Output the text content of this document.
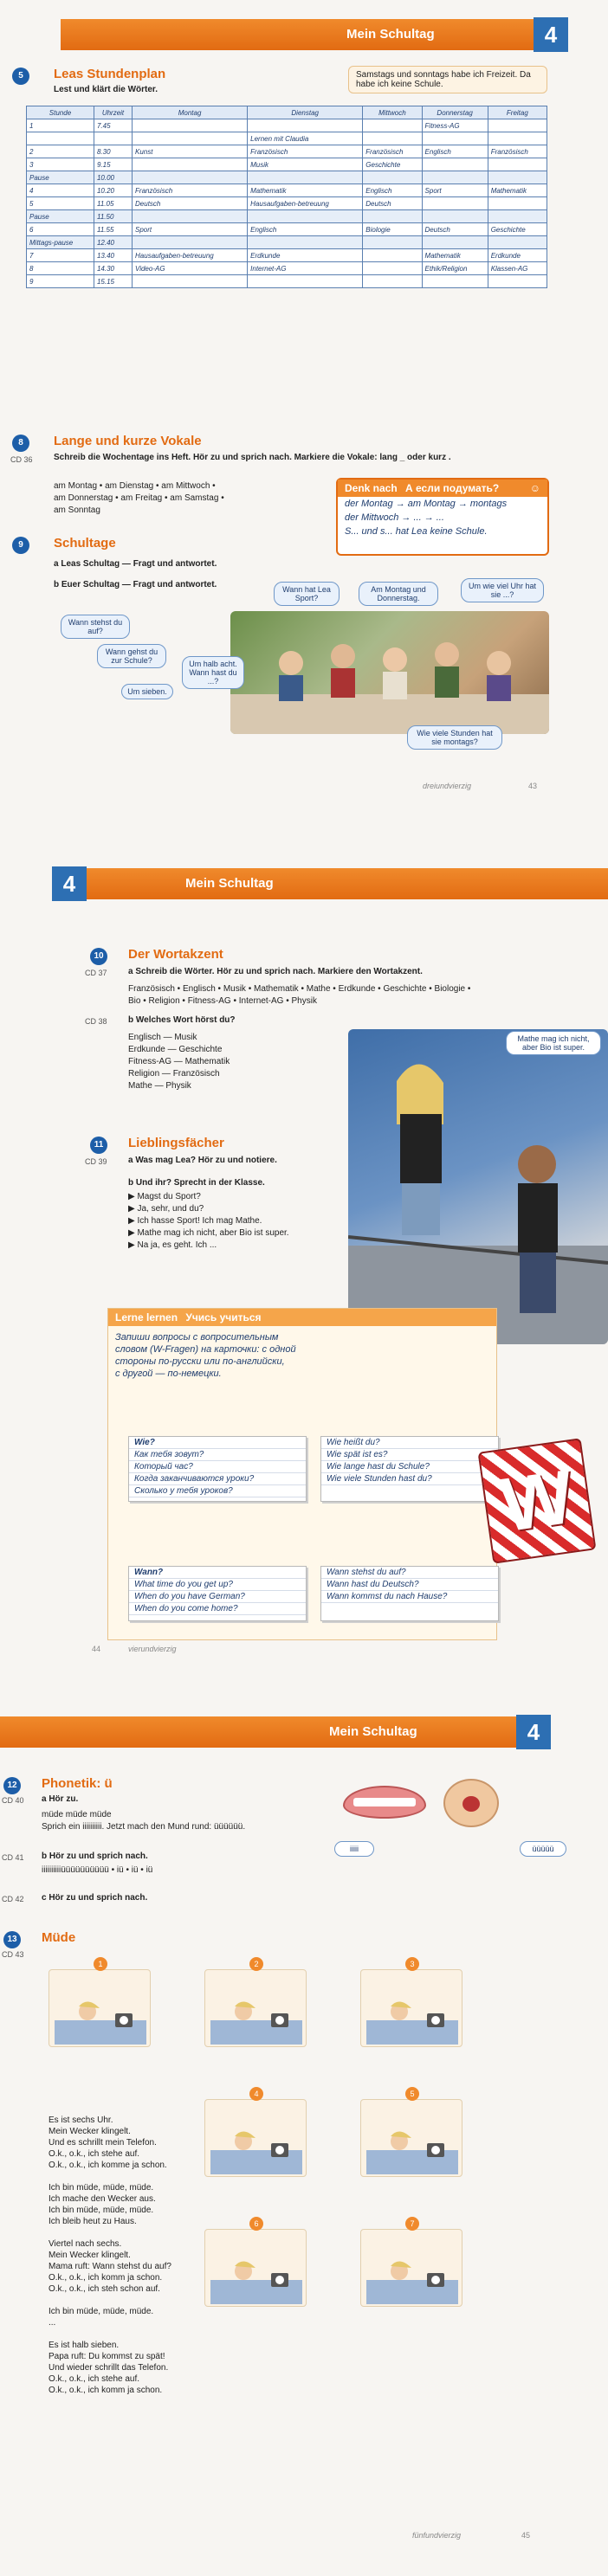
Mein Schultag	4
5	Leas Stundenplan
Lest und klärt die Wörter.
Samstags und sonntags habe ich Freizeit. Da habe ich keine Schule.
Stunde	Uhrzeit	Montag	Dienstag	Mittwoch	Donnerstag	Freitag
1	7.45				Fitness-AG	
			Lernen mit Claudia			
2	8.30	Kunst	Französisch	Französisch	Englisch	Französisch
3	9.15		Musik	Geschichte		
Pause	10.00					
4	10.20	Französisch	Mathematik	Englisch	Sport	Mathematik
5	11.05	Deutsch	Hausaufgaben-betreuung	Deutsch		
Pause	11.50					
6	11.55	Sport	Englisch	Biologie	Deutsch	Geschichte
Mittags-pause	12.40					
7	13.40	Hausaufgaben-betreuung	Erdkunde		Mathematik	Erdkunde
8	14.30	Video-AG	Internet-AG		Ethik/Religion	Klassen-AG
9	15.15					
8
CD 36
Lange und kurze Vokale
Schreib die Wochentage ins Heft. Hör zu und sprich nach. Markiere die Vokale: lang _ oder kurz .
am Montag • am Dienstag • am Mittwoch •
am Donnerstag • am Freitag • am Samstag •
am Sonntag
Denk nach А если подумать?	☺
der Montag → am Montag → montags
der Mittwoch → ... → ...
S... und s... hat Lea keine Schule.
9	Schultage
a Leas Schultag — Fragt und antwortet.
b Euer Schultag — Fragt und antwortet.
Wann stehst du auf?
Wann gehst du zur Schule?
Um sieben.
Um halb acht. Wann hast du ...?
Wann hat Lea Sport?
Am Montag und Donnerstag.
Um wie viel Uhr hat sie ...?
Wie viele Stunden hat sie montags?
dreiundvierzig	43
Mein Schultag
4
10 Der Wortakzent
CD 37 a Schreib die Wörter. Hör zu und sprich nach. Markiere den Wortakzent.
Französisch • Englisch • Musik • Mathematik • Mathe • Erdkunde • Geschichte • Biologie •
Bio • Religion • Fitness-AG • Internet-AG • Physik
CD 38 b Welches Wort hörst du?
Englisch — Musik
Erdkunde — Geschichte
Fitness-AG — Mathematik
Religion — Französisch
Mathe — Physik
11	Lieblingsfächer
CD 39 a Was mag Lea? Hör zu und notiere.
b Und ihr? Sprecht in der Klasse.
▶ Magst du Sport?
▶ Ja, sehr, und du?
▶ Ich hasse Sport! Ich mag Mathe.
▶ Mathe mag ich nicht, aber Bio ist super.
▶ Na ja, es geht. Ich ...
Mathe mag ich nicht, aber Bio ist super.
Lerne lernen Учись учиться
Запиши вопросы с вопросительным
словом (W-Fragen) на карточки: с одной
стороны по-русски или по-английски,
с другой — по-немецки.
Wie?
Как тебя зовут?
Который час?
Когда заканчиваются уроки?
Сколько у тебя уроков?
Wie heißt du?
Wie spät ist es?
Wie lange hast du Schule?
Wie viele Stunden hast du?
Wann?
What time do you get up?
When do you have German?
When do you come home?
Wann stehst du auf?
Wann hast du Deutsch?
Wann kommst du nach Hause?
W
44	vierundvierzig
Mein Schultag	4
12 Phonetik: ü
CD 40 a Hör zu.
müde müde müde
Sprich ein iiiiiiiiii. Jetzt mach den Mund rund: üüüüüü.
CD 41 b Hör zu und sprich nach.
iiiiiiiiiiüüüüüüüüüü • iü • iü • iü
CD 42 c Hör zu und sprich nach.
iiiii	üüüüü
13 Müde
CD 43
1	2	3
4	5
6	7
Es ist sechs Uhr.
Mein Wecker klingelt.
Und es schrillt mein Telefon.
O.k., o.k., ich stehe auf.
O.k., o.k., ich komme ja schon.

Ich bin müde, müde, müde.
Ich mache den Wecker aus.
Ich bin müde, müde, müde.
Ich bleib heut zu Haus.

Viertel nach sechs.
Mein Wecker klingelt.
Mama ruft: Wann stehst du auf?
O.k., o.k., ich komm ja schon.
O.k., o.k., ich steh schon auf.

Ich bin müde, müde, müde.
...

Es ist halb sieben.
Papa ruft: Du kommst zu spät!
Und wieder schrillt das Telefon.
O.k., o.k., ich stehe auf.
O.k., o.k., ich komm ja schon.
fünfundvierzig	45
